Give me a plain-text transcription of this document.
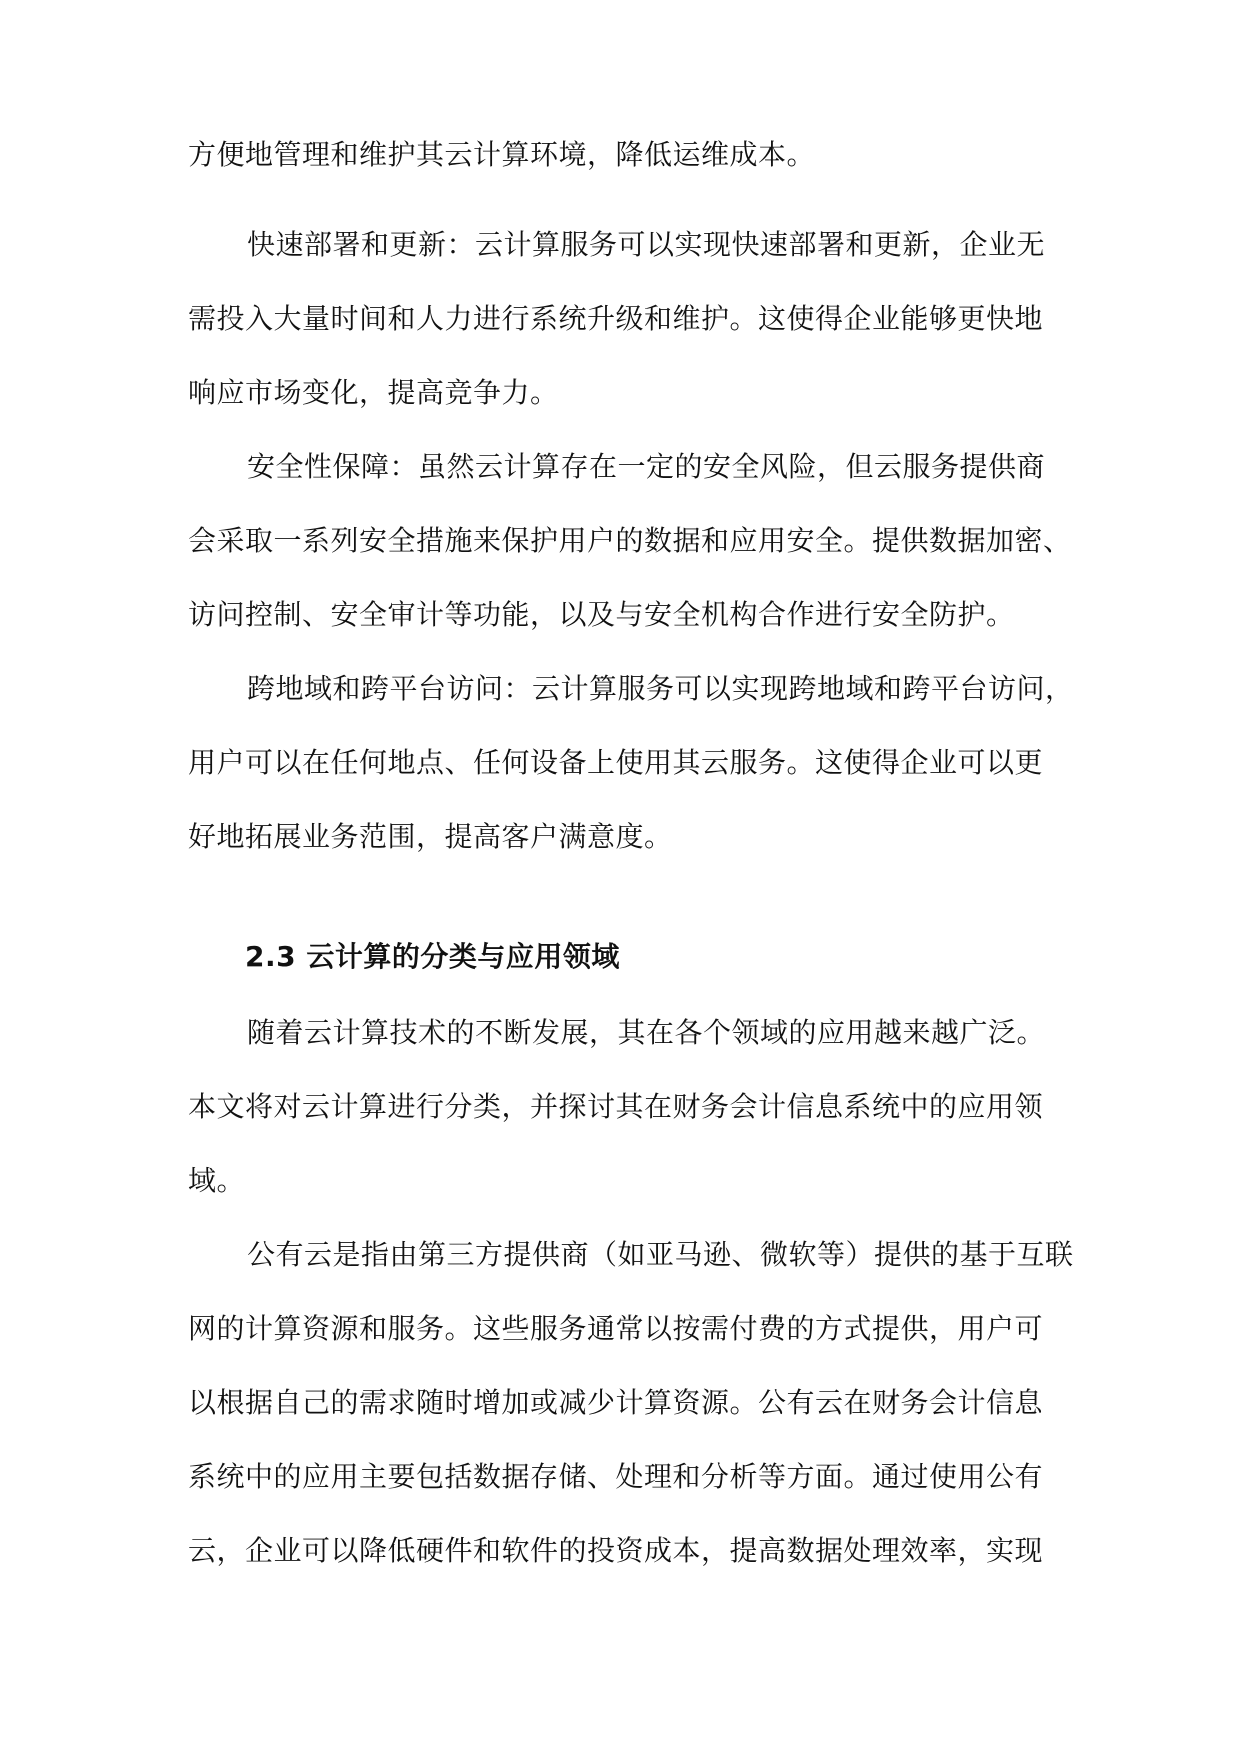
方便地管理和维护其云计算环境，降低运维成本。
快速部署和更新：云计算服务可以实现快速部署和更新，企业无
需投入大量时间和人力进行系统升级和维护。这使得企业能够更快地
响应市场变化，提高竞争力。
安全性保障：虽然云计算存在一定的安全风险，但云服务提供商
会采取一系列安全措施来保护用户的数据和应用安全。提供数据加密、
访问控制、安全审计等功能，以及与安全机构合作进行安全防护。
跨地域和跨平台访问：云计算服务可以实现跨地域和跨平台访问，
用户可以在任何地点、任何设备上使用其云服务。这使得企业可以更
好地拓展业务范围，提高客户满意度。
2.3 云计算的分类与应用领域
随着云计算技术的不断发展，其在各个领域的应用越来越广泛。
本文将对云计算进行分类，并探讨其在财务会计信息系统中的应用领
域。
公有云是指由第三方提供商（如亚马逊、微软等）提供的基于互联
网的计算资源和服务。这些服务通常以按需付费的方式提供，用户可
以根据自己的需求随时增加或减少计算资源。公有云在财务会计信息
系统中的应用主要包括数据存储、处理和分析等方面。通过使用公有
云，企业可以降低硬件和软件的投资成本，提高数据处理效率，实现
